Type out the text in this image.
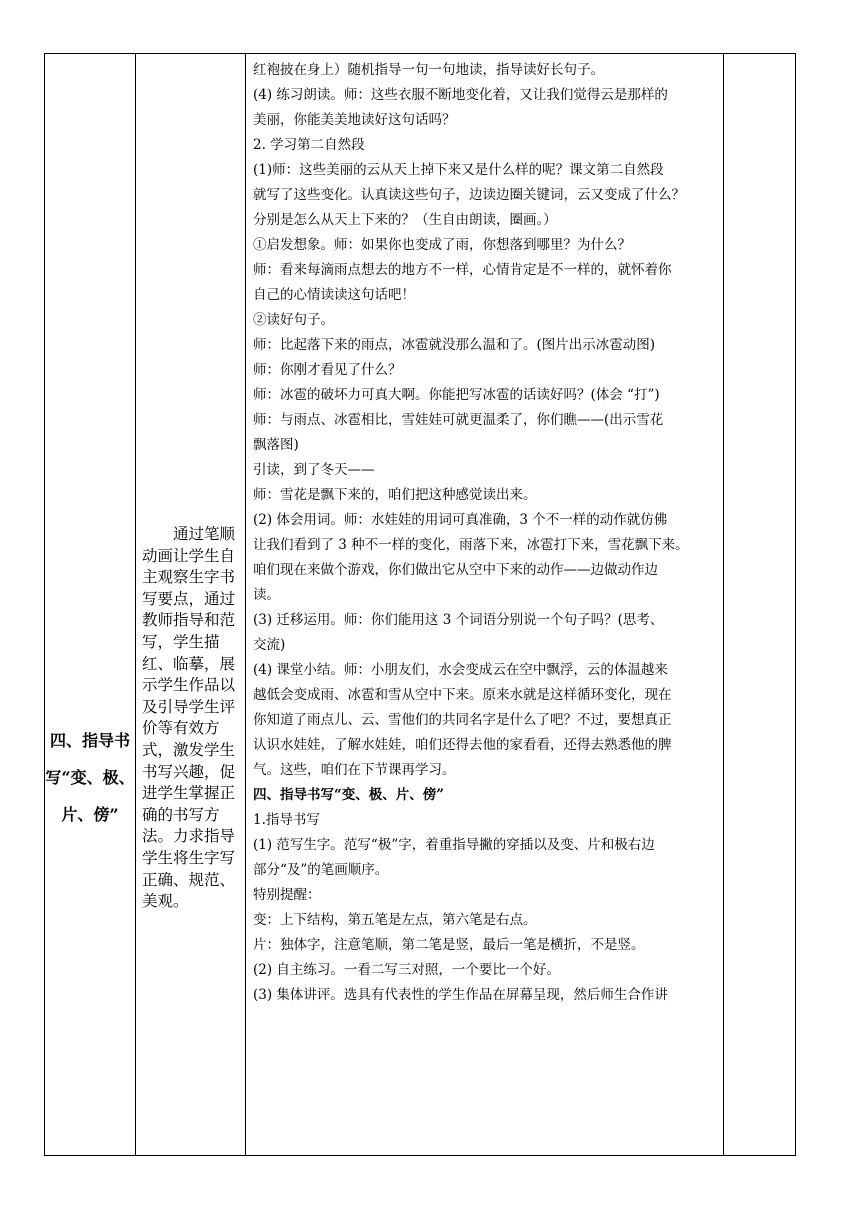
四、指导书写“变、极、片、傍”
通过笔顺动画让学生自主观察生字书写要点，通过教师指导和范写，学生描红、临摹，展示学生作品以及引导学生评价等有效方式，激发学生书写兴趣，促进学生掌握正确的书写方法。力求指导学生将生字写正确、规范、美观。

红袍披在身上）随机指导一句一句地读，指导读好长句子。

(4) 练习朗读。师：这些衣服不断地变化着，又让我们觉得云是那样的

美丽，你能美美地读好这句话吗？

2. 学习第二自然段

(1)师：这些美丽的云从天上掉下来又是什么样的呢？课文第二自然段

就写了这些变化。认真读这些句子，边读边圈关键词，云又变成了什么？

分别是怎么从天上下来的？（生自由朗读，圈画。）

①启发想象。师：如果你也变成了雨，你想落到哪里？为什么？

师：看来每滴雨点想去的地方不一样，心情肯定是不一样的，就怀着你

自己的心情读读这句话吧！

②读好句子。

师：比起落下来的雨点，冰雹就没那么温和了。(图片出示冰雹动图)

师：你刚才看见了什么？

师：冰雹的破坏力可真大啊。你能把写冰雹的话读好吗？(体会 “打”)

师：与雨点、冰雹相比，雪娃娃可就更温柔了，你们瞧——(出示雪花

飘落图)

引读，到了冬天——

师：雪花是飘下来的，咱们把这种感觉读出来。

(2) 体会用词。师：水娃娃的用词可真准确，3 个不一样的动作就仿佛

让我们看到了 3 种不一样的变化，雨落下来，冰雹打下来，雪花飘下来。

咱们现在来做个游戏，你们做出它从空中下来的动作——边做动作边

读。

(3) 迁移运用。师：你们能用这 3 个词语分别说一个句子吗？(思考、

交流)

(4) 课堂小结。师：小朋友们，水会变成云在空中飘浮，云的体温越来

越低会变成雨、冰雹和雪从空中下来。原来水就是这样循环变化，现在

你知道了雨点儿、云、雪他们的共同名字是什么了吧？不过，要想真正

认识水娃娃，了解水娃娃，咱们还得去他的家看看，还得去熟悉他的脾

气。这些，咱们在下节课再学习。

四、指导书写“变、极、片、傍”

1.指导书写

(1) 范写生字。范写“极”字，着重指导撇的穿插以及变、片和极右边

部分“及”的笔画顺序。

特别提醒：

变：上下结构，第五笔是左点，第六笔是右点。

片：独体字，注意笔顺，第二笔是竖，最后一笔是横折，不是竖。

(2) 自主练习。一看二写三对照，一个要比一个好。

(3) 集体讲评。选具有代表性的学生作品在屏幕呈现，然后师生合作讲
